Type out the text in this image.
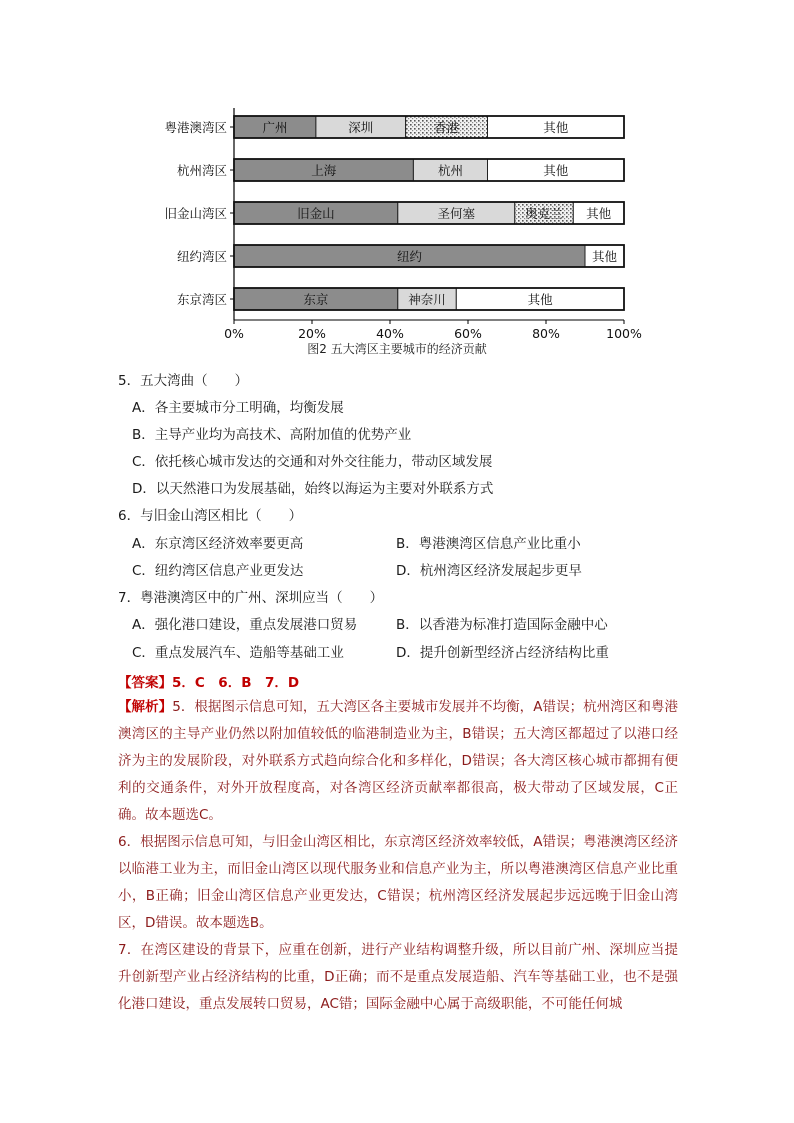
粤港澳湾区	广州	深圳	香港	其他
杭州湾区	上海	杭州	其他
旧金山湾区	旧金山	圣何塞	奥克兰 其他
纽约湾区	纽约	其他
东京湾区	东京	神奈川	其他
0%	20%	40%	60%	80%	100%
图2 五大湾区主要城市的经济贡献
5．五大湾曲（　　）
A．各主要城市分工明确，均衡发展
B．主导产业均为高技术、高附加值的优势产业
C．依托核心城市发达的交通和对外交往能力，带动区域发展
D．以天然港口为发展基础，始终以海运为主要对外联系方式
6．与旧金山湾区相比（　　）
A．东京湾区经济效率要更高	B．粤港澳湾区信息产业比重小
C．纽约湾区信息产业更发达	D．杭州湾区经济发展起步更早
7．粤港澳湾区中的广州、深圳应当（　　）
A．强化港口建设，重点发展港口贸易	B．以香港为标准打造国际金融中心
C．重点发展汽车、造船等基础工业	D．提升创新型经济占经济结构比重
【答案】5．C　6．B　7．D

【解析】5．根据图示信息可知，五大湾区各主要城市发展并不均衡，A错误；杭州湾区和粤港澳湾区的主导产业仍然以附加值较低的临港制造业为主，B错误；五大湾区都超过了以港口经济为主的发展阶段，对外联系方式趋向综合化和多样化，D错误；各大湾区核心城市都拥有便利的交通条件，对外开放程度高，对各湾区经济贡献率都很高，极大带动了区域发展，C正确。故本题选C。

6．根据图示信息可知，与旧金山湾区相比，东京湾区经济效率较低，A错误；粤港澳湾区经济以临港工业为主，而旧金山湾区以现代服务业和信息产业为主，所以粤港澳湾区信息产业比重小，B正确；旧金山湾区信息产业更发达，C错误；杭州湾区经济发展起步远远晚于旧金山湾区，D错误。故本题选B。

7．在湾区建设的背景下，应重在创新，进行产业结构调整升级，所以目前广州、深圳应当提升创新型产业占经济结构的比重，D正确；而不是重点发展造船、汽车等基础工业，也不是强化港口建设，重点发展转口贸易，AC错；国际金融中心属于高级职能，不可能任何城
